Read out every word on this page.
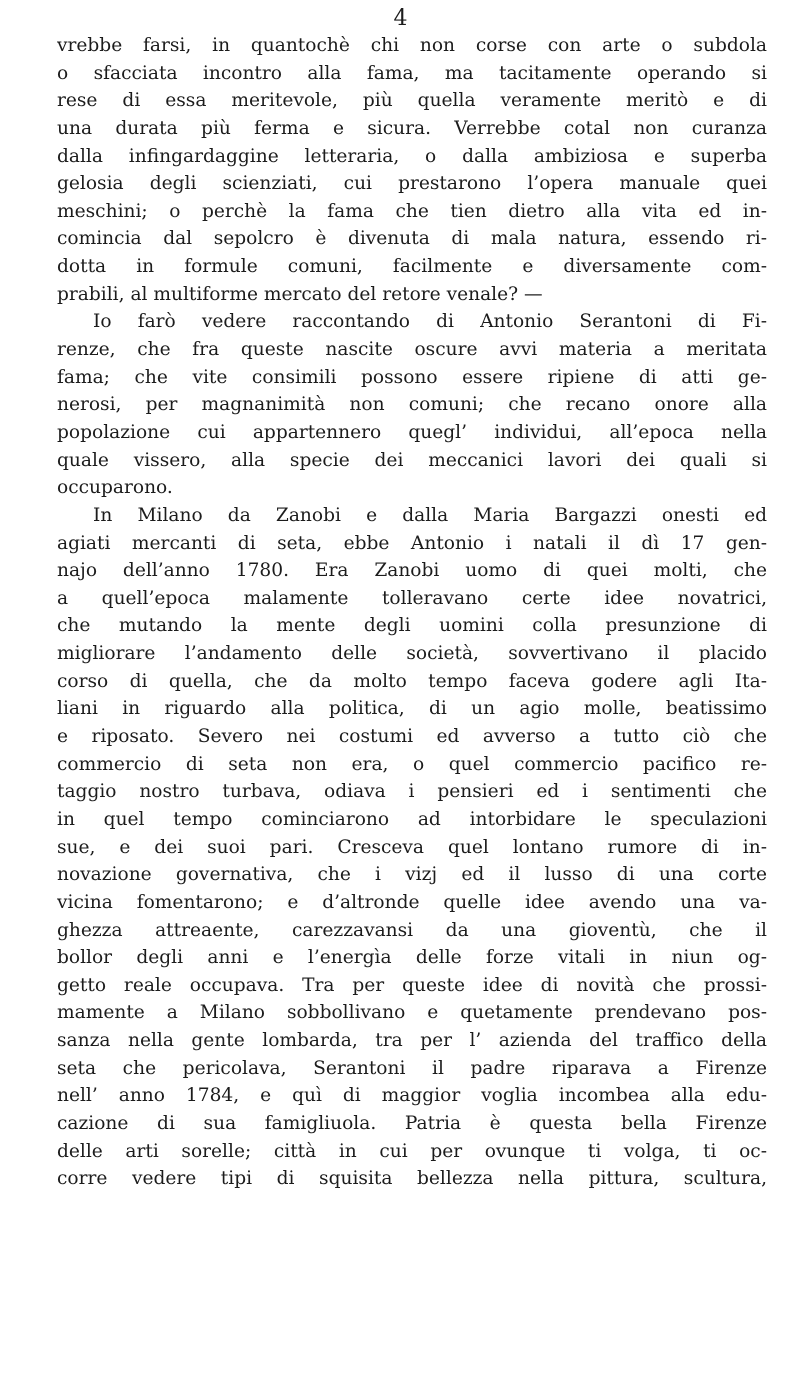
4
vrebbe farsi, in quantochè chi non corse con arte o subdola
o sfacciata incontro alla fama, ma tacitamente operando si
rese di essa meritevole, più quella veramente meritò e di
una durata più ferma e sicura. Verrebbe cotal non curanza
dalla infingardaggine letteraria, o dalla ambiziosa e superba
gelosia degli scienziati, cui prestarono l’opera manuale quei
meschini; o perchè la fama che tien dietro alla vita ed in-
comincia dal sepolcro è divenuta di mala natura, essendo ri-
dotta in formule comuni, facilmente e diversamente com-
prabili, al multiforme mercato del retore venale? —
Io farò vedere raccontando di Antonio Serantoni di Fi-
renze, che fra queste nascite oscure avvi materia a meritata
fama; che vite consimili possono essere ripiene di atti ge-
nerosi, per magnanimità non comuni; che recano onore alla
popolazione cui appartennero quegl’ individui, all’epoca nella
quale vissero, alla specie dei meccanici lavori dei quali si
occuparono.
In Milano da Zanobi e dalla Maria Bargazzi onesti ed
agiati mercanti di seta, ebbe Antonio i natali il dì 17 gen-
najo dell’anno 1780. Era Zanobi uomo di quei molti, che
a quell’epoca malamente tolleravano certe idee novatrici,
che mutando la mente degli uomini colla presunzione di
migliorare l’andamento delle società, sovvertivano il placido
corso di quella, che da molto tempo faceva godere agli Ita-
liani in riguardo alla politica, di un agio molle, beatissimo
e riposato. Severo nei costumi ed avverso a tutto ciò che
commercio di seta non era, o quel commercio pacifico re-
taggio nostro turbava, odiava i pensieri ed i sentimenti che
in quel tempo cominciarono ad intorbidare le speculazioni
sue, e dei suoi pari. Cresceva quel lontano rumore di in-
novazione governativa, che i vizj ed il lusso di una corte
vicina fomentarono; e d’altronde quelle idee avendo una va-
ghezza attreaente, carezzavansi da una gioventù, che il
bollor degli anni e l’energìa delle forze vitali in niun og-
getto reale occupava. Tra per queste idee di novità che prossi-
mamente a Milano sobbollivano e quetamente prendevano pos-
sanza nella gente lombarda, tra per l’ azienda del traffico della
seta che pericolava, Serantoni il padre riparava a Firenze
nell’ anno 1784, e quì di maggior voglia incombea alla edu-
cazione di sua famigliuola. Patria è questa bella Firenze
delle arti sorelle; città in cui per ovunque ti volga, ti oc-
corre vedere tipi di squisita bellezza nella pittura, scultura,
